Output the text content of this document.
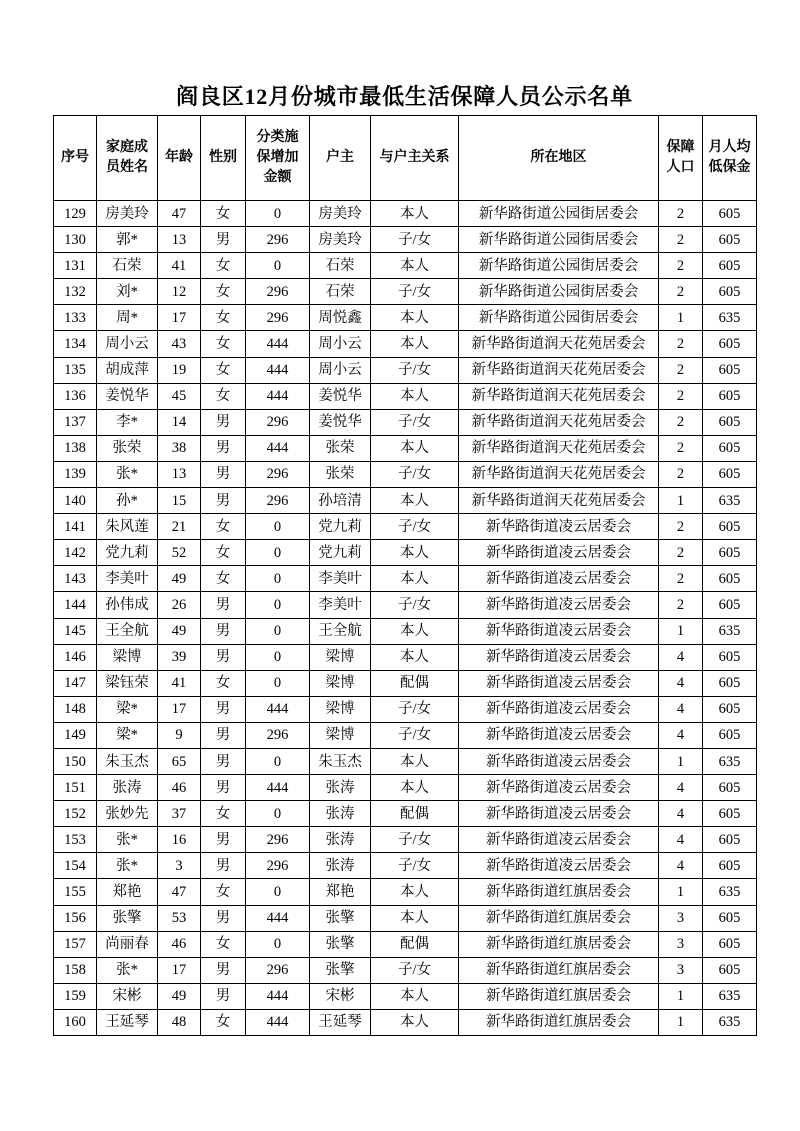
阎良区12月份城市最低生活保障人员公示名单
序号	家庭成员姓名	年龄	性别	分类施保增加金额	户主	与户主关系	所在地区	保障人口	月人均低保金
129	房美玲	47	女	0	房美玲	本人	新华路街道公园街居委会	2	605
130	郭*	13	男	296	房美玲	子/女	新华路街道公园街居委会	2	605
131	石荣	41	女	0	石荣	本人	新华路街道公园街居委会	2	605
132	刘*	12	女	296	石荣	子/女	新华路街道公园街居委会	2	605
133	周*	17	女	296	周悦鑫	本人	新华路街道公园街居委会	1	635
134	周小云	43	女	444	周小云	本人	新华路街道润天花苑居委会	2	605
135	胡成萍	19	女	444	周小云	子/女	新华路街道润天花苑居委会	2	605
136	姜悦华	45	女	444	姜悦华	本人	新华路街道润天花苑居委会	2	605
137	李*	14	男	296	姜悦华	子/女	新华路街道润天花苑居委会	2	605
138	张荣	38	男	444	张荣	本人	新华路街道润天花苑居委会	2	605
139	张*	13	男	296	张荣	子/女	新华路街道润天花苑居委会	2	605
140	孙*	15	男	296	孙培清	本人	新华路街道润天花苑居委会	1	635
141	朱风莲	21	女	0	党九莉	子/女	新华路街道凌云居委会	2	605
142	党九莉	52	女	0	党九莉	本人	新华路街道凌云居委会	2	605
143	李美叶	49	女	0	李美叶	本人	新华路街道凌云居委会	2	605
144	孙伟成	26	男	0	李美叶	子/女	新华路街道凌云居委会	2	605
145	王全航	49	男	0	王全航	本人	新华路街道凌云居委会	1	635
146	梁博	39	男	0	梁博	本人	新华路街道凌云居委会	4	605
147	梁钰荣	41	女	0	梁博	配偶	新华路街道凌云居委会	4	605
148	梁*	17	男	444	梁博	子/女	新华路街道凌云居委会	4	605
149	梁*	9	男	296	梁博	子/女	新华路街道凌云居委会	4	605
150	朱玉杰	65	男	0	朱玉杰	本人	新华路街道凌云居委会	1	635
151	张涛	46	男	444	张涛	本人	新华路街道凌云居委会	4	605
152	张妙先	37	女	0	张涛	配偶	新华路街道凌云居委会	4	605
153	张*	16	男	296	张涛	子/女	新华路街道凌云居委会	4	605
154	张*	3	男	296	张涛	子/女	新华路街道凌云居委会	4	605
155	郑艳	47	女	0	郑艳	本人	新华路街道红旗居委会	1	635
156	张擎	53	男	444	张擎	本人	新华路街道红旗居委会	3	605
157	尚丽春	46	女	0	张擎	配偶	新华路街道红旗居委会	3	605
158	张*	17	男	296	张擎	子/女	新华路街道红旗居委会	3	605
159	宋彬	49	男	444	宋彬	本人	新华路街道红旗居委会	1	635
160	王延琴	48	女	444	王延琴	本人	新华路街道红旗居委会	1	635
